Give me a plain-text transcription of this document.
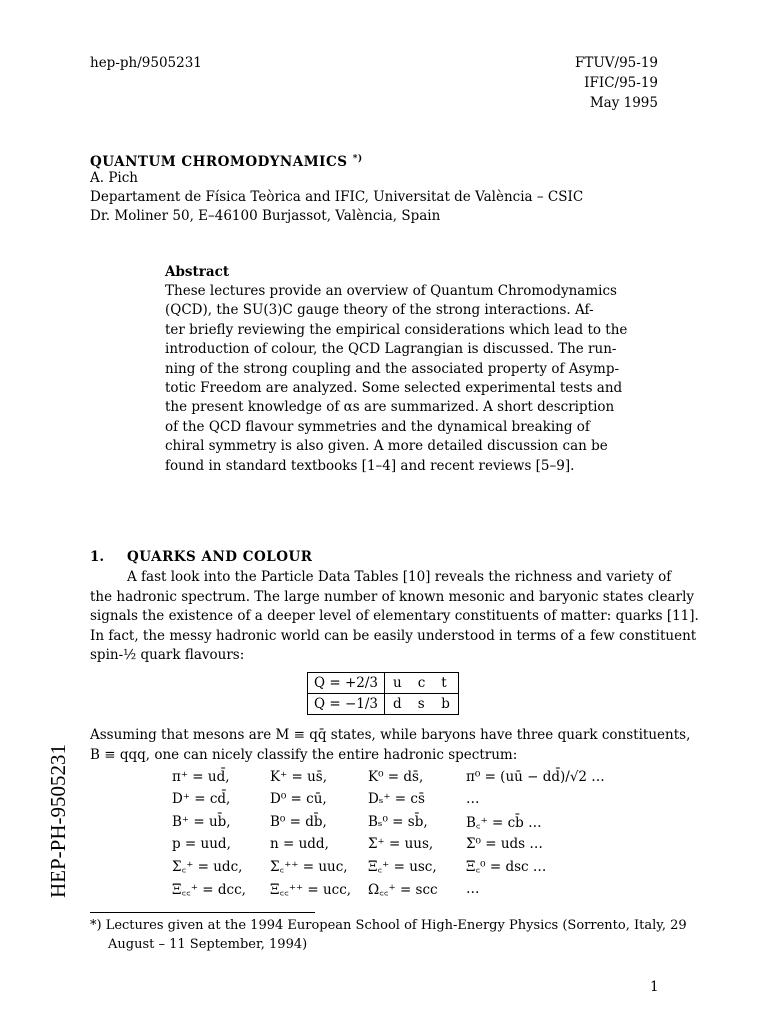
hep-ph/9505231	FTUV/95-19
IFIC/95-19
May 1995
QUANTUM CHROMODYNAMICS *)
A. Pich
Departament de Física Teòrica and IFIC, Universitat de València – CSIC
Dr. Moliner 50, E–46100 Burjassot, València, Spain
Abstract
These lectures provide an overview of Quantum Chromodynamics
(QCD), the SU(3)C gauge theory of the strong interactions. Af-
ter briefly reviewing the empirical considerations which lead to the
introduction of colour, the QCD Lagrangian is discussed. The run-
ning of the strong coupling and the associated property of Asymp-
totic Freedom are analyzed. Some selected experimental tests and
the present knowledge of αs are summarized. A short description
of the QCD flavour symmetries and the dynamical breaking of
chiral symmetry is also given. A more detailed discussion can be
found in standard textbooks [1–4] and recent reviews [5–9].
1. QUARKS AND COLOUR
A fast look into the Particle Data Tables [10] reveals the richness and variety of
the hadronic spectrum. The large number of known mesonic and baryonic states clearly
signals the existence of a deeper level of elementary constituents of matter: quarks [11].
In fact, the messy hadronic world can be easily understood in terms of a few constituent
spin-½ quark flavours:
Q = +2/3	u	c	t
Q = −1/3	d	s	b
Assuming that mesons are M ≡ qq̄ states, while baryons have three quark constituents,
B ≡ qqq, one can nicely classify the entire hadronic spectrum:
π⁺ = ud̄,	K⁺ = us̄,	K⁰ = ds̄,	π⁰ = (uū − dd̄)/√2 …
D⁺ = cd̄,	D⁰ = cū,	Dₛ⁺ = cs̄	…
B⁺ = ub̄,	B⁰ = db̄,	Bₛ⁰ = sb̄,	B꜀⁺ = cb̄ …
p = uud,	n = udd,	Σ⁺ = uus,	Σ⁰ = uds …
Σ꜀⁺ = udc,	Σ꜀⁺⁺ = uuc,	Ξ꜀⁺ = usc,	Ξ꜀⁰ = dsc …
Ξ꜀꜀⁺ = dcc,	Ξ꜀꜀⁺⁺ = ucc,	Ω꜀꜀⁺ = scc	…
HEP-PH-9505231
*) Lectures given at the 1994 European School of High-Energy Physics (Sorrento, Italy, 29
August – 11 September, 1994)
1
